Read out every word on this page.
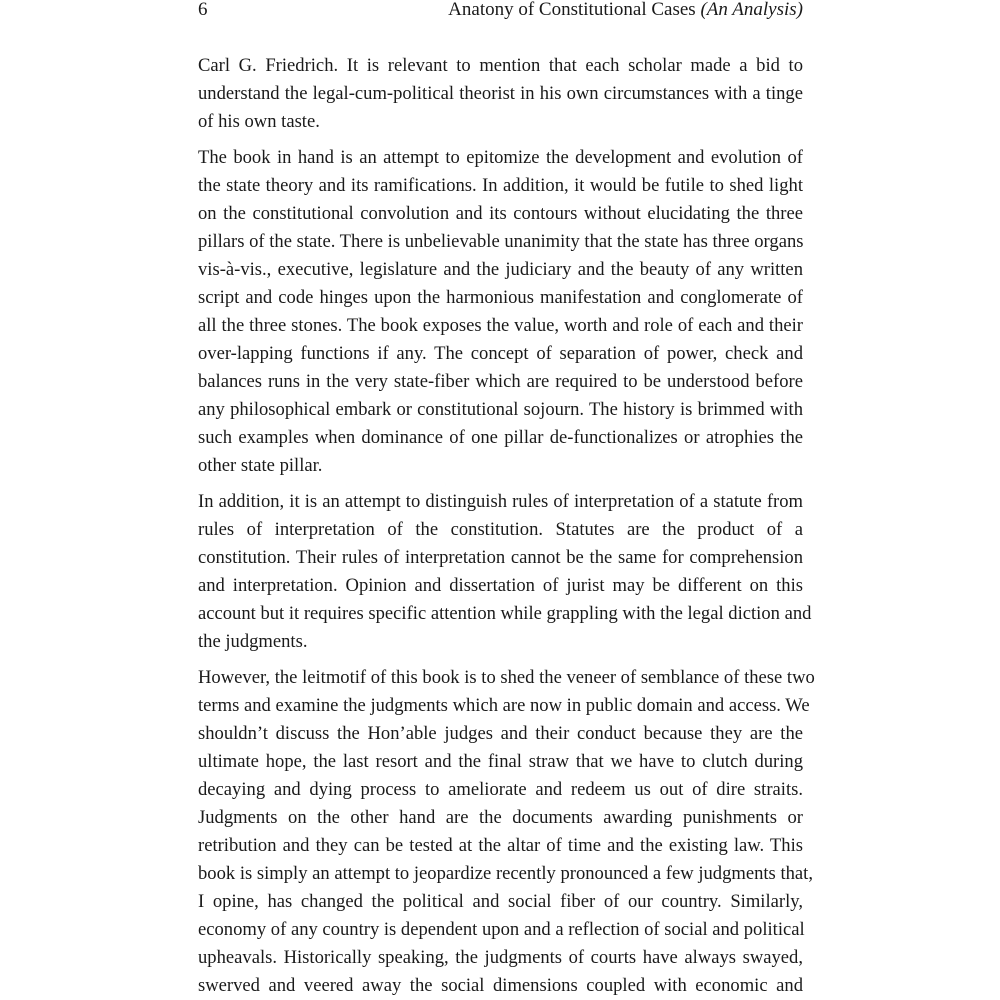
6	Anatony of Constitutional Cases (An Analysis)

Carl G. Friedrich. It is relevant to mention that each scholar made a bid to
understand the legal-cum-political theorist in his own circumstances with a tinge
of his own taste.

The book in hand is an attempt to epitomize the development and evolution of
the state theory and its ramifications. In addition, it would be futile to shed light
on the constitutional convolution and its contours without elucidating the three
pillars of the state. There is unbelievable unanimity that the state has three organs
vis-à-vis., executive, legislature and the judiciary and the beauty of any written
script and code hinges upon the harmonious manifestation and conglomerate of
all the three stones. The book exposes the value, worth and role of each and their
over-lapping functions if any. The concept of separation of power, check and
balances runs in the very state-fiber which are required to be understood before
any philosophical embark or constitutional sojourn. The history is brimmed with
such examples when dominance of one pillar de-functionalizes or atrophies the
other state pillar.

In addition, it is an attempt to distinguish rules of interpretation of a statute from
rules of interpretation of the constitution. Statutes are the product of a
constitution. Their rules of interpretation cannot be the same for comprehension
and interpretation. Opinion and dissertation of jurist may be different on this
account but it requires specific attention while grappling with the legal diction and
the judgments.

However, the leitmotif of this book is to shed the veneer of semblance of these two
terms and examine the judgments which are now in public domain and access. We
shouldn’t discuss the Hon’able judges and their conduct because they are the
ultimate hope, the last resort and the final straw that we have to clutch during
decaying and dying process to ameliorate and redeem us out of dire straits.
Judgments on the other hand are the documents awarding punishments or
retribution and they can be tested at the altar of time and the existing law. This
book is simply an attempt to jeopardize recently pronounced a few judgments that,
I opine, has changed the political and social fiber of our country. Similarly,
economy of any country is dependent upon and a reflection of social and political
upheavals. Historically speaking, the judgments of courts have always swayed,
swerved and veered away the social dimensions coupled with economic and
